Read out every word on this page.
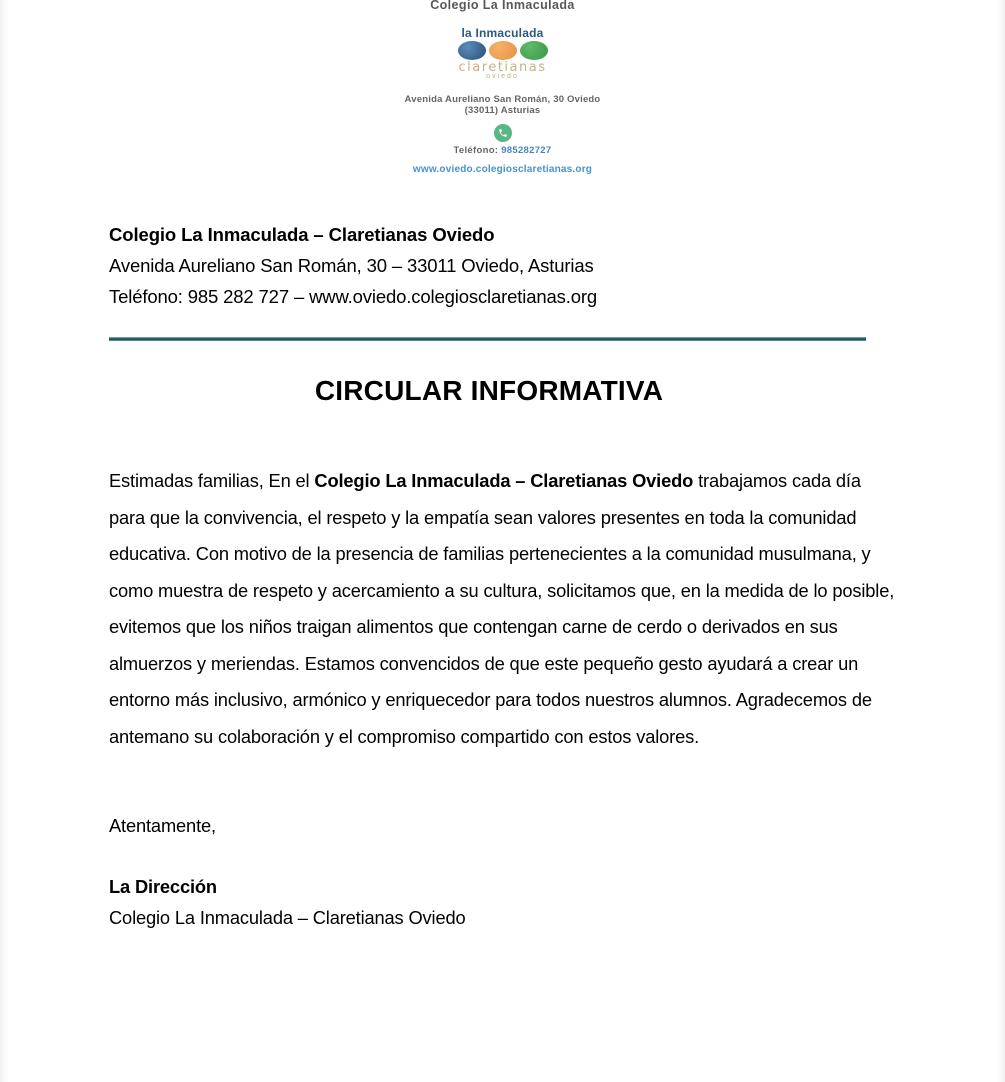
Colegio La Inmaculada
la Inmaculada
claretianas
oviedo
Avenida Aureliano San Román, 30 Oviedo
(33011) Asturias
Teléfono: 985282727
www.oviedo.colegiosclaretianas.org
Colegio La Inmaculada – Claretianas Oviedo
Avenida Aureliano San Román, 30 – 33011 Oviedo, Asturias
Teléfono: 985 282 727 – www.oviedo.colegiosclaretianas.org
CIRCULAR INFORMATIVA

Estimadas familias, En el Colegio La Inmaculada – Claretianas Oviedo trabajamos cada día para que la convivencia, el respeto y la empatía sean valores presentes en toda la comunidad educativa. Con motivo de la presencia de familias pertenecientes a la comunidad musulmana, y como muestra de respeto y acercamiento a su cultura, solicitamos que, en la medida de lo posible, evitemos que los niños traigan alimentos que contengan carne de cerdo o derivados en sus almuerzos y meriendas. Estamos convencidos de que este pequeño gesto ayudará a crear un entorno más inclusivo, armónico y enriquecedor para todos nuestros alumnos. Agradecemos de antemano su colaboración y el compromiso compartido con estos valores.

Atentamente,
La Dirección
Colegio La Inmaculada – Claretianas Oviedo
